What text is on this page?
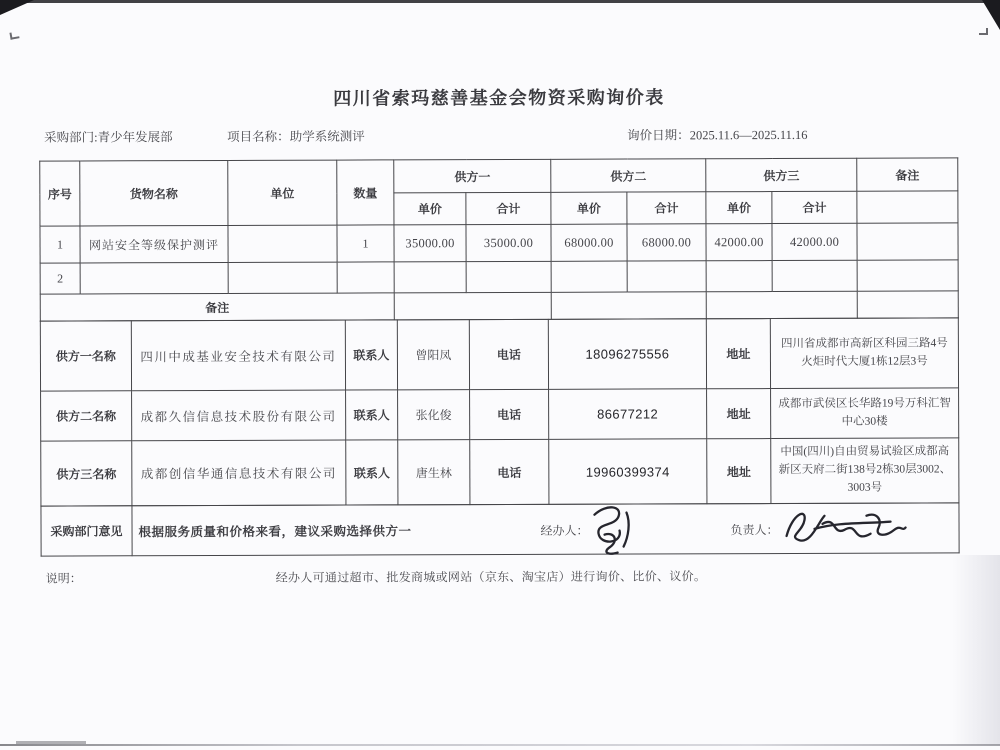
四川省索玛慈善基金会物资采购询价表
采购部门:青少年发展部	项目名称：助学系统测评	询价日期：2025.11.6—2025.11.16
序号	货物名称	单位	数量	供方一		供方二		供方三		备注
				单价	合计	单价	合计	单价	合计	
1	网站安全等级保护测评		1	35000.00	35000.00	68000.00	68000.00	42000.00	42000.00	
2										
备注										
供方一名称	四川中成基业安全技术有限公司	联系人	曾阳凤	电话	18096275556	地址	四川省成都市高新区科园三路4号火炬时代大厦1栋12层3号
供方二名称	成都久信信息技术股份有限公司	联系人	张化俊	电话	86677212	地址	成都市武侯区长华路19号万科汇智中心30楼
供方三名称	成都创信华通信息技术有限公司	联系人	唐生林	电话	19960399374	地址	中国(四川)自由贸易试验区成都高新区天府二街138号2栋30层3002、3003号
采购部门意见	根据服务质量和价格来看，建议采购选择供方一	经办人：	负责人：
说明：	经办人可通过超市、批发商城或网站（京东、淘宝店）进行询价、比价、议价。
